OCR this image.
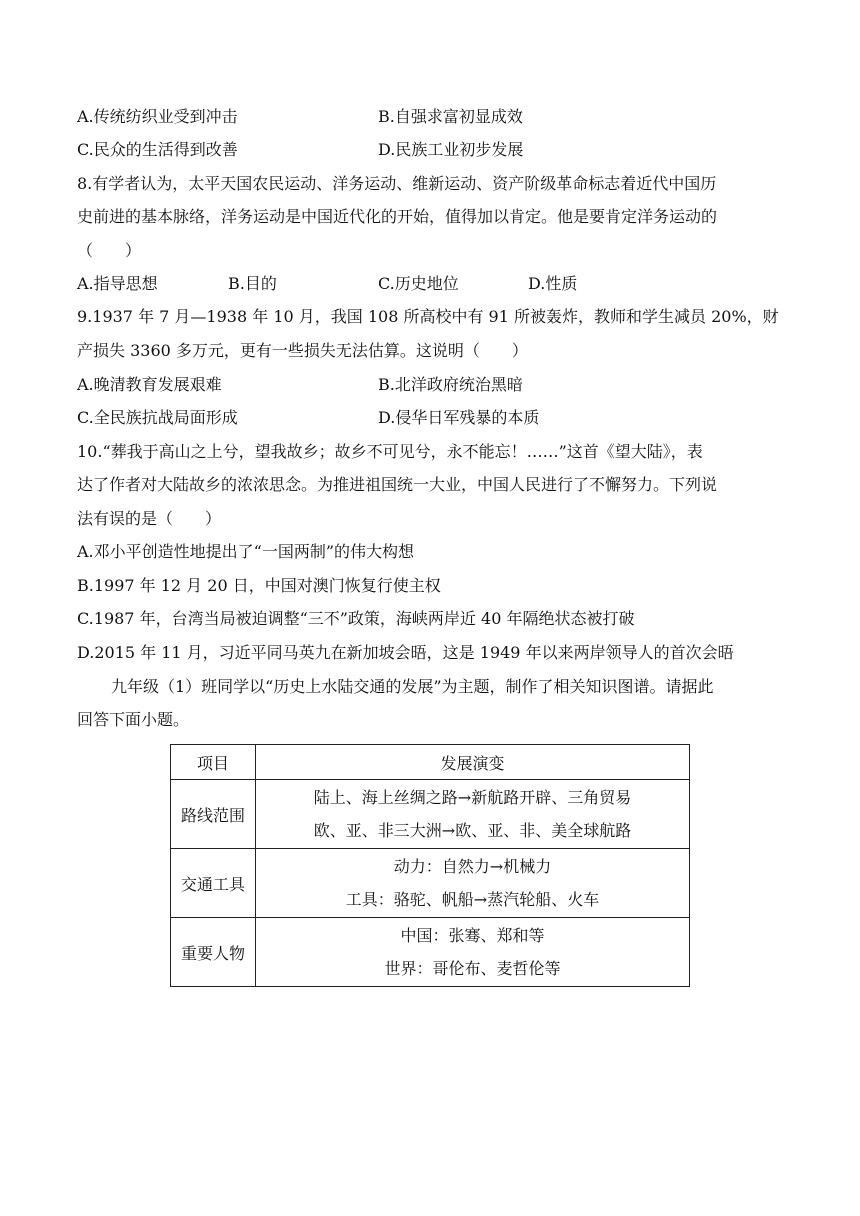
A.传统纺织业受到冲击	B.自强求富初显成效
C.民众的生活得到改善	D.民族工业初步发展
8.有学者认为，太平天国农民运动、洋务运动、维新运动、资产阶级革命标志着近代中国历
史前进的基本脉络，洋务运动是中国近代化的开始，值得加以肯定。他是要肯定洋务运动的
（　　）
A.指导思想	B.目的	C.历史地位	D.性质
9.1937 年 7 月—1938 年 10 月，我国 108 所高校中有 91 所被轰炸，教师和学生减员 20%，财
产损失 3360 多万元，更有一些损失无法估算。这说明（　　）
A.晚清教育发展艰难	B.北洋政府统治黑暗
C.全民族抗战局面形成	D.侵华日军残暴的本质
10.“葬我于高山之上兮，望我故乡；故乡不可见兮，永不能忘！……”这首《望大陆》，表
达了作者对大陆故乡的浓浓思念。为推进祖国统一大业，中国人民进行了不懈努力。下列说
法有误的是（　　）
A.邓小平创造性地提出了“一国两制”的伟大构想
B.1997 年 12 月 20 日，中国对澳门恢复行使主权
C.1987 年，台湾当局被迫调整“三不”政策，海峡两岸近 40 年隔绝状态被打破
D.2015 年 11 月，习近平同马英九在新加坡会晤，这是 1949 年以来两岸领导人的首次会晤
九年级（1）班同学以“历史上水陆交通的发展”为主题，制作了相关知识图谱。请据此
回答下面小题。
项目	发展演变
路线范围	陆上、海上丝绸之路→新航路开辟、三角贸易
欧、亚、非三大洲→欧、亚、非、美全球航路

交通工具	动力：自然力→机械力
工具：骆驼、帆船→蒸汽轮船、火车

重要人物	中国：张骞、郑和等
世界：哥伦布、麦哲伦等
